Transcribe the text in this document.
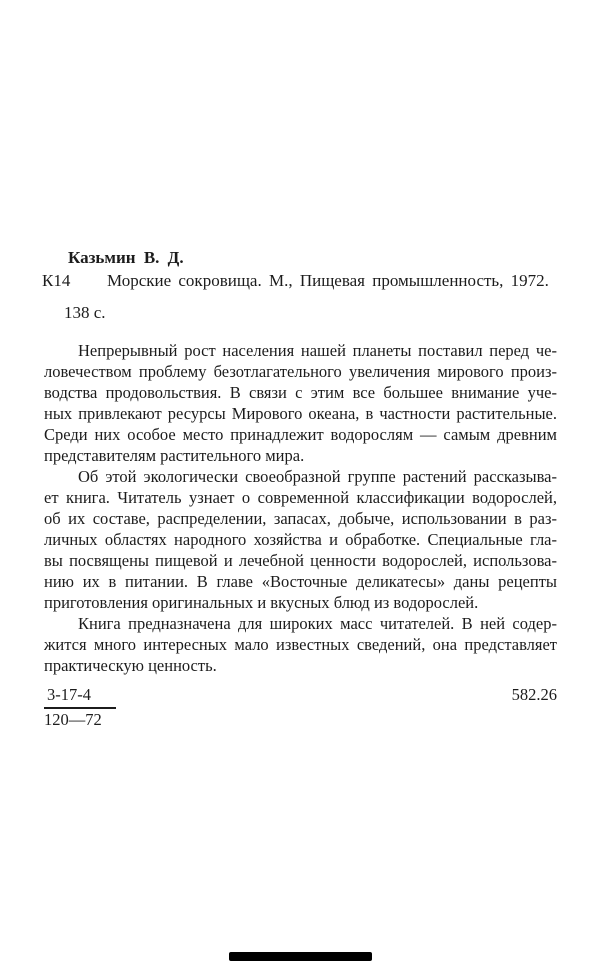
Казьмин В. Д.
К14 Морские сокровища. М., Пищевая промышленность, 1972.
138 с.
Непрерывный рост населения нашей планеты поставил перед че-
ловечеством проблему безотлагательного увеличения мирового произ-
водства продовольствия. В связи с этим все большее внимание уче-
ных привлекают ресурсы Мирового океана, в частности растительные.
Среди них особое место принадлежит водорослям — самым древним
представителям растительного мира.
Об этой экологически своеобразной группе растений рассказыва-
ет книга. Читатель узнает о современной классификации водорослей,
об их составе, распределении, запасах, добыче, использовании в раз-
личных областях народного хозяйства и обработке. Специальные гла-
вы посвящены пищевой и лечебной ценности водорослей, использова-
нию их в питании. В главе «Восточные деликатесы» даны рецепты
приготовления оригинальных и вкусных блюд из водорослей.
Книга предназначена для широких масс читателей. В ней содер-
жится много интересных мало известных сведений, она представляет
практическую ценность.
3-17-4
120—72
582.26
